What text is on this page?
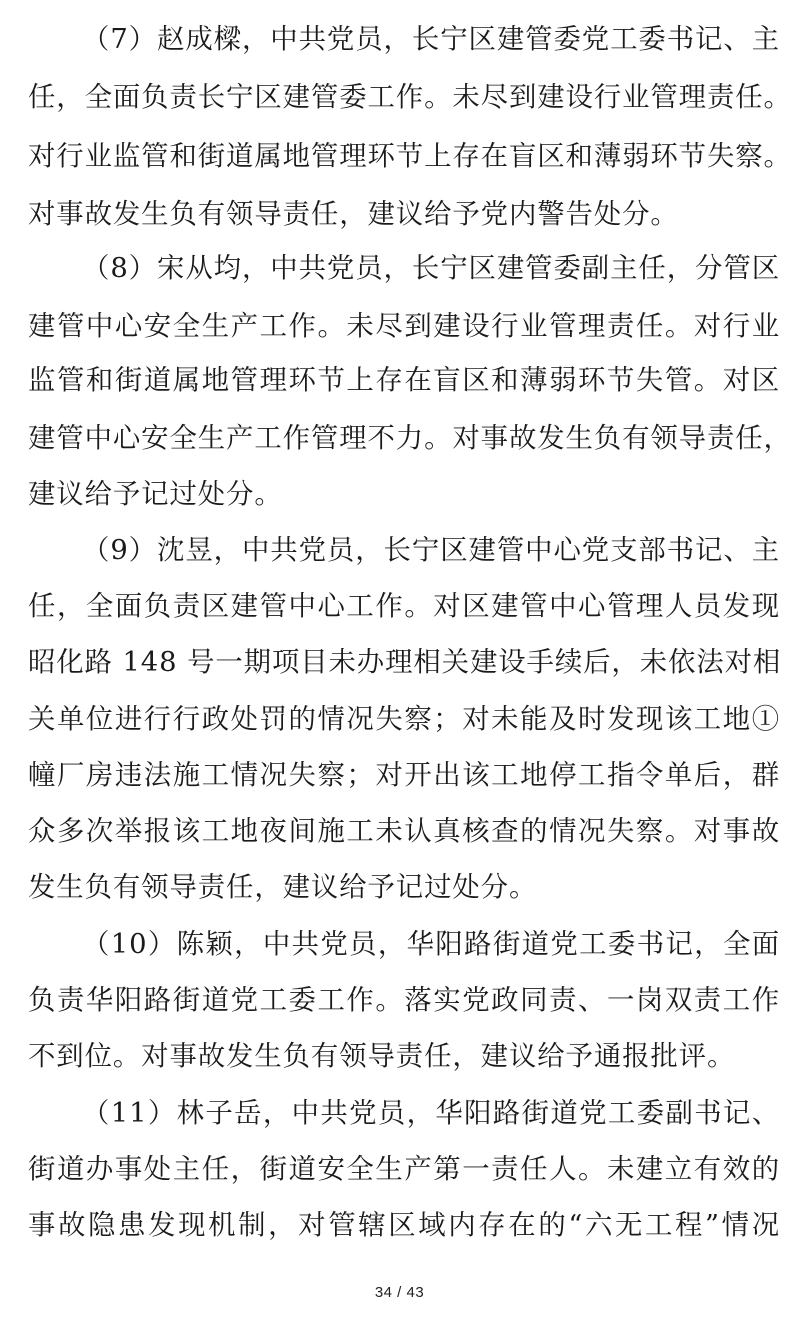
（7）赵成樑，中共党员，长宁区建管委党工委书记、主
任，全面负责长宁区建管委工作。未尽到建设行业管理责任。
对行业监管和街道属地管理环节上存在盲区和薄弱环节失察。
对事故发生负有领导责任，建议给予党内警告处分。
（8）宋从均，中共党员，长宁区建管委副主任，分管区
建管中心安全生产工作。未尽到建设行业管理责任。对行业
监管和街道属地管理环节上存在盲区和薄弱环节失管。对区
建管中心安全生产工作管理不力。对事故发生负有领导责任，
建议给予记过处分。
（9）沈昱，中共党员，长宁区建管中心党支部书记、主
任，全面负责区建管中心工作。对区建管中心管理人员发现
昭化路 148 号一期项目未办理相关建设手续后，未依法对相
关单位进行行政处罚的情况失察；对未能及时发现该工地①
幢厂房违法施工情况失察；对开出该工地停工指令单后，群
众多次举报该工地夜间施工未认真核查的情况失察。对事故
发生负有领导责任，建议给予记过处分。
（10）陈颖，中共党员，华阳路街道党工委书记，全面
负责华阳路街道党工委工作。落实党政同责、一岗双责工作
不到位。对事故发生负有领导责任，建议给予通报批评。
（11）林子岳，中共党员，华阳路街道党工委副书记、
街道办事处主任，街道安全生产第一责任人。未建立有效的
事故隐患发现机制，对管辖区域内存在的“六无工程”情况
34 / 43
